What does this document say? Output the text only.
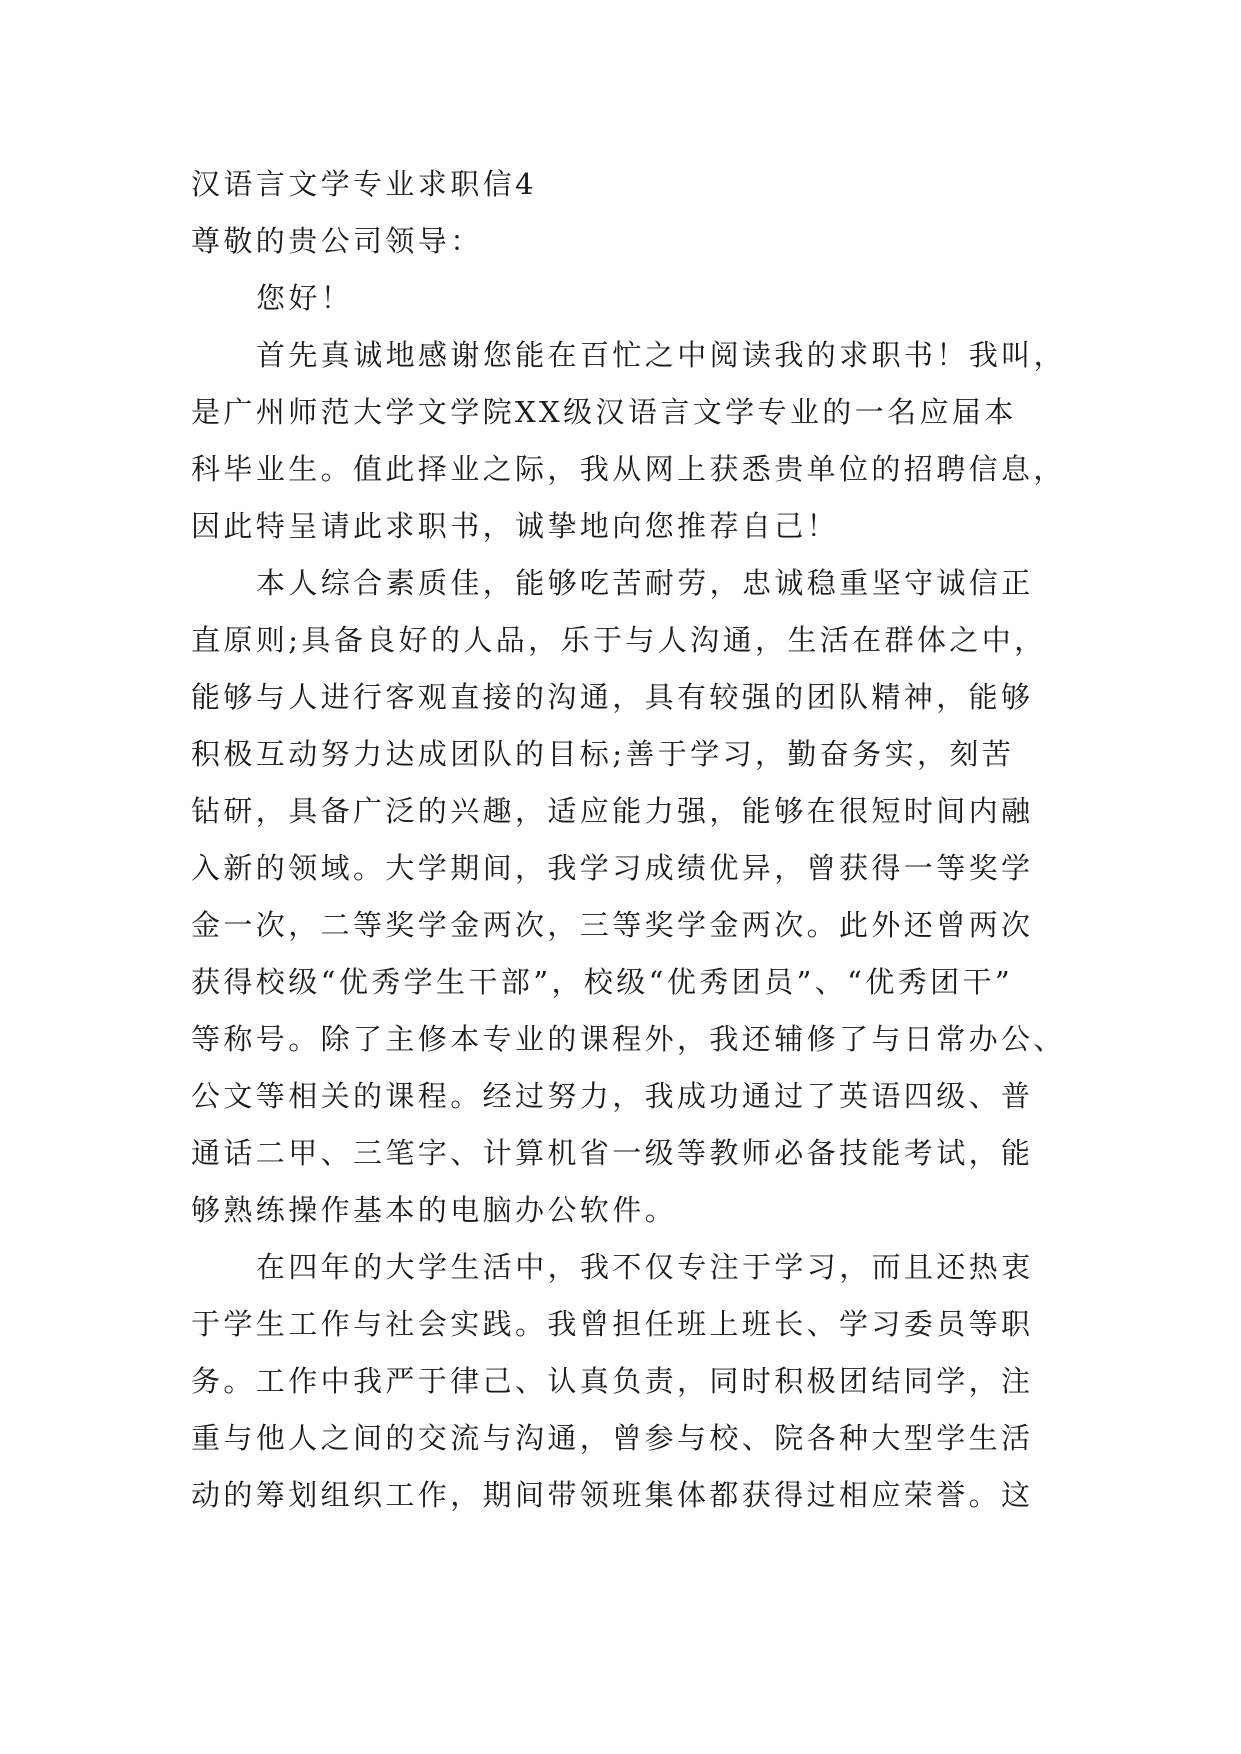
汉语言文学专业求职信4
尊敬的贵公司领导：
您好！
首先真诚地感谢您能在百忙之中阅读我的求职书！我叫，
是广州师范大学文学院XX级汉语言文学专业的一名应届本
科毕业生。值此择业之际，我从网上获悉贵单位的招聘信息，
因此特呈请此求职书，诚挚地向您推荐自己！
本人综合素质佳，能够吃苦耐劳，忠诚稳重坚守诚信正
直原则;具备良好的人品，乐于与人沟通，生活在群体之中，
能够与人进行客观直接的沟通，具有较强的团队精神，能够
积极互动努力达成团队的目标;善于学习，勤奋务实，刻苦
钻研，具备广泛的兴趣，适应能力强，能够在很短时间内融
入新的领域。大学期间，我学习成绩优异，曾获得一等奖学
金一次，二等奖学金两次，三等奖学金两次。此外还曾两次
获得校级“优秀学生干部”，校级“优秀团员”、“优秀团干”
等称号。除了主修本专业的课程外，我还辅修了与日常办公、
公文等相关的课程。经过努力，我成功通过了英语四级、普
通话二甲、三笔字、计算机省一级等教师必备技能考试，能
够熟练操作基本的电脑办公软件。
在四年的大学生活中，我不仅专注于学习，而且还热衷
于学生工作与社会实践。我曾担任班上班长、学习委员等职
务。工作中我严于律己、认真负责，同时积极团结同学，注
重与他人之间的交流与沟通，曾参与校、院各种大型学生活
动的筹划组织工作，期间带领班集体都获得过相应荣誉。这
